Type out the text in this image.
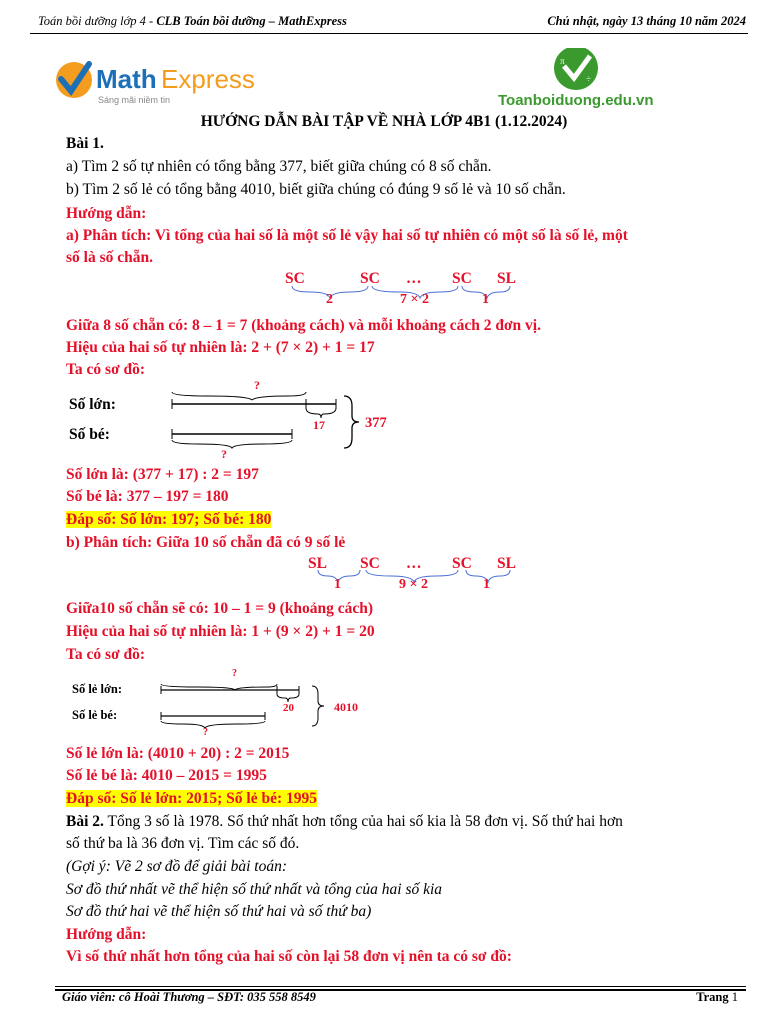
Toán bồi dưỡng lớp 4 - CLB Toán bồi dưỡng – MathExpress	Chủ nhật, ngày 13 tháng 10 năm 2024
Math Express
Sáng mãi niềm tin
π
÷
Toanboiduong.edu.vn
HƯỚNG DẪN BÀI TẬP VỀ NHÀ LỚP 4B1 (1.12.2024)
Bài 1.
a) Tìm 2 số tự nhiên có tổng bằng 377, biết giữa chúng có 8 số chẵn.
b) Tìm 2 số lẻ có tổng bằng 4010, biết giữa chúng có đúng 9 số lẻ và 10 số chẵn.
Hướng dẫn:
a) Phân tích: Vì tổng của hai số là một số lẻ vậy hai số tự nhiên có một số là số lẻ, một
số là số chẵn.
SC	SC … SC SL
2	7 × 2	1
Giữa 8 số chẵn có: 8 – 1 = 7 (khoảng cách) và mỗi khoảng cách 2 đơn vị.
Hiệu của hai số tự nhiên là: 2 + (7 × 2) + 1 = 17
Ta có sơ đồ:
Số lớn:
Số bé:
?
17
?
377
Số lớn là: (377 + 17) : 2 = 197
Số bé là: 377 – 197 = 180
Đáp số: Số lớn: 197; Số bé: 180
b) Phân tích: Giữa 10 số chẵn đã có 9 số lẻ
SL SC … SC SL
1	9 × 2	1
Giữa10 số chẵn sẽ có: 10 – 1 = 9 (khoảng cách)
Hiệu của hai số tự nhiên là: 1 + (9 × 2) + 1 = 20
Ta có sơ đồ:
Số lẻ lớn:
Số lẻ bé:
?
20
?
4010
Số lẻ lớn là: (4010 + 20) : 2 = 2015
Số lẻ bé là: 4010 – 2015 = 1995
Đáp số: Số lẻ lớn: 2015; Số lẻ bé: 1995
Bài 2. Tổng 3 số là 1978. Số thứ nhất hơn tổng của hai số kia là 58 đơn vị. Số thứ hai hơn
số thứ ba là 36 đơn vị. Tìm các số đó.
(Gợi ý: Vẽ 2 sơ đồ để giải bài toán:
Sơ đồ thứ nhất vẽ thể hiện số thứ nhất và tổng của hai số kia
Sơ đồ thứ hai vẽ thể hiện số thứ hai và số thứ ba)
Hướng dẫn:
Vì số thứ nhất hơn tổng của hai số còn lại 58 đơn vị nên ta có sơ đồ:
Giáo viên: cô Hoài Thương – SĐT: 035 558 8549	Trang 1
